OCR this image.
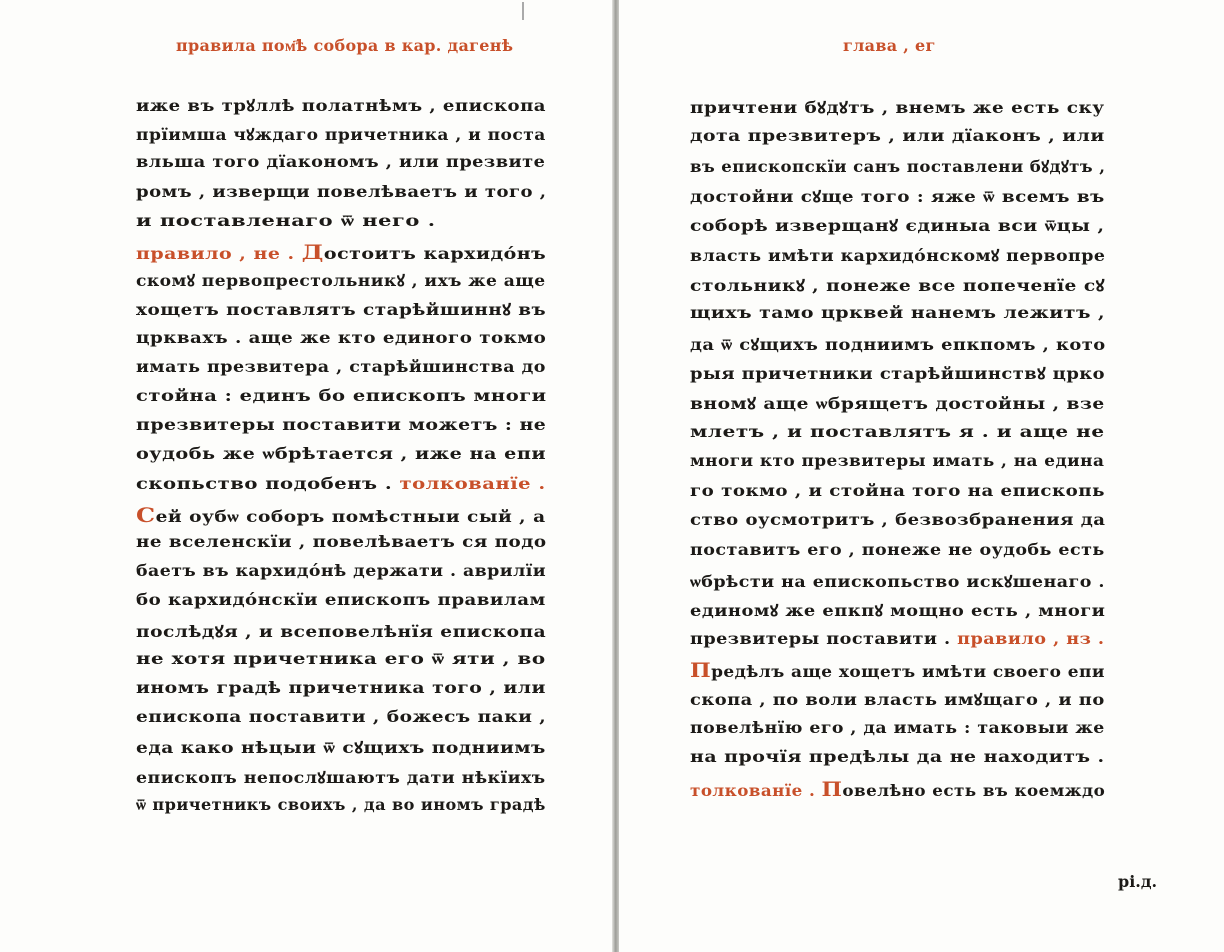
правила пом҃ѣ собора в кар. дагенѣ	глава , ег
иже въ трꙋллѣ полатнѣмъ , епископа
прїимша чꙋждаго причетника , и поста
вльша того дїакономъ , или презвите
ромъ , изверщи повелѣваетъ и того ,
и поставленаго ѿ него .
правило , не . Достоитъ кархидо́нъ
скомꙋ первопрестольникꙋ , ихъ же аще
хощетъ поставлятъ старѣйшиннꙋ въ
црквахъ . аще же кто единого токмо
имать презвитера , старѣйшинства до
стойна : единъ бо епископъ многи
презвитеры поставити можетъ : не
оудобь же ѡбрѣтается , иже на епи
скопьство подобенъ . толкованїе .
Сей оубѡ соборъ помѣстныи сый , а
не вселенскїи , повелѣваетъ ся подо
баетъ въ кархидо́нѣ держати . аврилїи
бо кархидо́нскїи епископъ правилам
послѣдꙋя , и всеповелѣнїя епископа
не хотя причетника его ѿ яти , во
иномъ градѣ причетника того , или
епископа поставити , божесъ паки ,
еда како нѣцыи ѿ сꙋщихъ подниимъ
епископъ непослꙋшаютъ дати нѣкїихъ
ѿ причетникъ своихъ , да во иномъ градѣ
причтени бꙋдꙋтъ , внемъ же есть ску
дота презвитеръ , или дїаконъ , или
въ епископскїи санъ поставлени бꙋдꙋтъ ,
достойни сꙋще того : яже ѿ всемъ въ
соборѣ изверщанꙋ єдиныа вси ѿцы ,
власть имѣти кархидо́нскомꙋ первопре
стольникꙋ , понеже все попеченїе сꙋ
щихъ тамо црквей нанемъ лежитъ ,
да ѿ сꙋщихъ подниимъ епкпомъ , кото
рыя причетники старѣйшинствꙋ црко
вномꙋ аще ѡбрящетъ достойны , взе
млетъ , и поставлятъ я . и аще не
многи кто презвитеры имать , на едина
го токмо , и стойна того на епископь
ство оусмотритъ , безвозбранения да
поставитъ его , понеже не оудобь есть
ѡбрѣсти на епископьство искꙋшенаго .
единомꙋ же епкпꙋ мощно есть , многи
презвитеры поставити . правило , нз .
Предѣлъ аще хощетъ имѣти своего епи
скопа , по воли власть имꙋщаго , и по
повелѣнїю его , да имать : таковыи же
на прочїя предѣлы да не находитъ .
толкованїе . Повелѣно есть въ коемждо
рі.д.
